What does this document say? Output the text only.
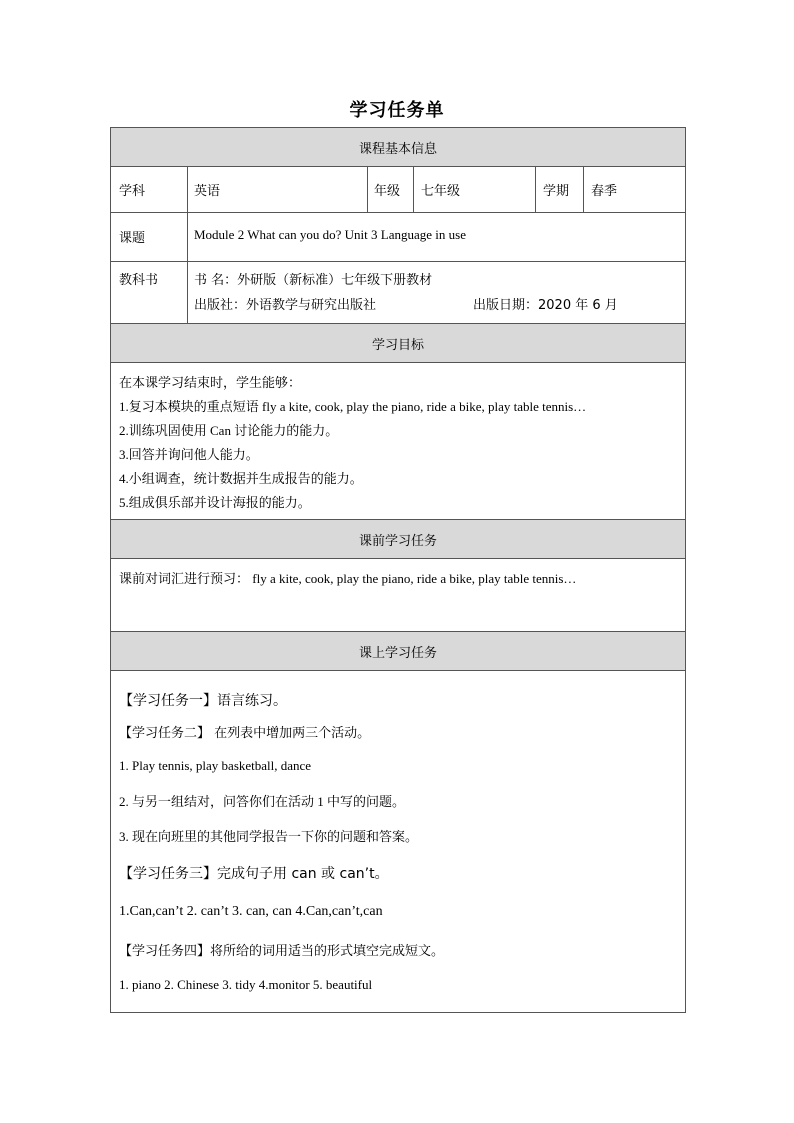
学习任务单
课程基本信息
学科	英语	年级 七年级	学期 春季
课题	Module 2 What can you do? Unit 3 Language in use
教科书	书 名：外研版（新标准）七年级下册教材
出版社：外语教学与研究出版社	出版日期：2020 年 6 月
学习目标
在本课学习结束时，学生能够：
1.复习本模块的重点短语 fly a kite, cook, play the piano, ride a bike, play table tennis…
2.训练巩固使用 Can 讨论能力的能力。
3.回答并询问他人能力。
4.小组调查，统计数据并生成报告的能力。
5.组成俱乐部并设计海报的能力。
课前学习任务
课前对词汇进行预习： fly a kite, cook, play the piano, ride a bike, play table tennis…
课上学习任务
【学习任务一】语言练习。
【学习任务二】 在列表中增加两三个活动。
1. Play tennis, play basketball, dance
2. 与另一组结对，问答你们在活动 1 中写的问题。
3. 现在向班里的其他同学报告一下你的问题和答案。
【学习任务三】完成句子用 can 或 can’t。
1.Can,can’t 2. can’t 3. can, can 4.Can,can’t,can
【学习任务四】将所给的词用适当的形式填空完成短文。
1. piano 2. Chinese 3. tidy 4.monitor 5. beautiful
